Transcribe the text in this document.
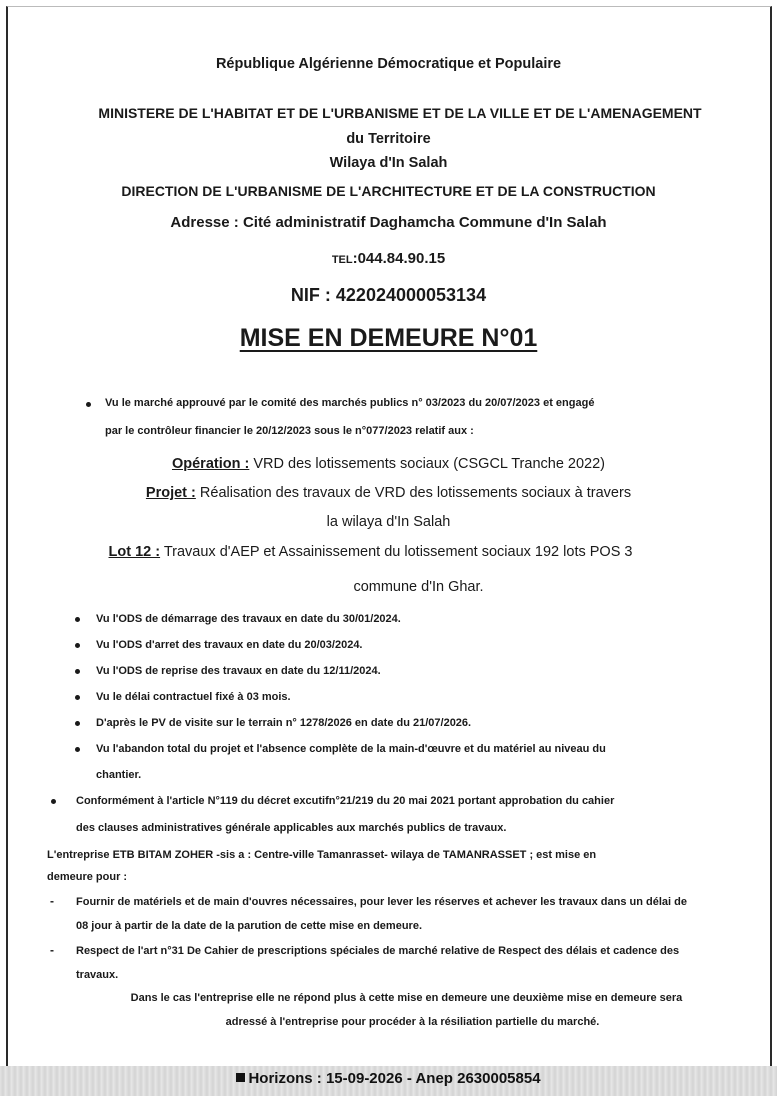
République Algérienne Démocratique et Populaire
MINISTERE DE L'HABITAT ET DE L'URBANISME ET DE LA VILLE ET DE L'AMENAGEMENT
du Territoire
Wilaya d'In Salah
DIRECTION DE L'URBANISME DE L'ARCHITECTURE ET DE LA CONSTRUCTION
Adresse : Cité administratif Daghamcha Commune d'In Salah
TEL:044.84.90.15
NIF : 422024000053134
MISE EN DEMEURE N°01
Vu le marché approuvé par le comité des marchés publics n° 03/2023 du 20/07/2023 et engagé
par le contrôleur financier le 20/12/2023 sous le n°077/2023 relatif aux :
Opération : VRD des lotissements sociaux (CSGCL Tranche 2022)
Projet : Réalisation des travaux de VRD des lotissements sociaux à travers
la wilaya d'In Salah
Lot 12 : Travaux d'AEP et Assainissement du lotissement sociaux 192 lots POS 3
commune d'In Ghar.
Vu l'ODS de démarrage des travaux en date du 30/01/2024.
Vu l'ODS d'arret des travaux en date du 20/03/2024.
Vu l'ODS de reprise des travaux en date du 12/11/2024.
Vu le délai contractuel fixé à 03 mois.
D'après le PV de visite sur le terrain n° 1278/2026 en date du 21/07/2026.
Vu l'abandon total du projet et l'absence complète de la main-d'œuvre et du matériel au niveau du
chantier.
Conformément à l'article N°119 du décret excutifn°21/219 du 20 mai 2021 portant approbation du cahier
des clauses administratives générale applicables aux marchés publics de travaux.
L'entreprise ETB BITAM ZOHER -sis a : Centre-ville Tamanrasset- wilaya de TAMANRASSET ; est mise en
demeure pour :
- Fournir de matériels et de main d'ouvres nécessaires, pour lever les réserves et achever les travaux dans un délai de
08 jour à partir de la date de la parution de cette mise en demeure.
- Respect de l'art n°31 De Cahier de prescriptions spéciales de marché relative de Respect des délais et cadence des
travaux.
Dans le cas l'entreprise elle ne répond plus à cette mise en demeure une deuxième mise en demeure sera
adressé à l'entreprise pour procéder à la résiliation partielle du marché.
Horizons : 15-09-2026 - Anep 2630005854
